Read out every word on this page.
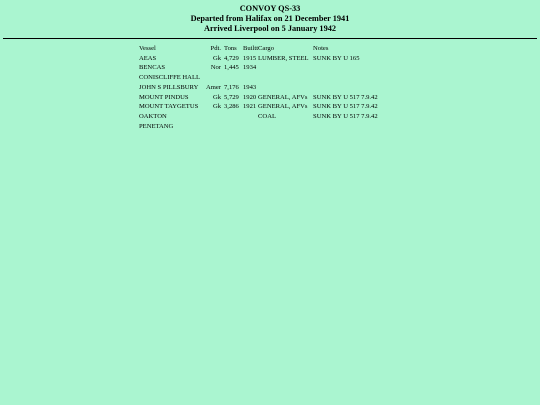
CONVOY QS-33
Departed from Halifax on 21 December 1941
Arrived Liverpool on 5 January 1942
Vessel	Pdt.	Tons	Builtt	Cargo	Notes
AEAS	Gk	4,729	1915	LUMBER, STEEL	SUNK BY U 165
BENCAS	Nor	1,445	1934		
CONISCLIFFE HALL					
JOHN S PILLSBURY	Amer	7,176	1943		
MOUNT PINDUS	Gk	5,729	1920	GENERAL, AFVs	SUNK BY U 517 7.9.42
MOUNT TAYGETUS	Gk	3,286	1921	GENERAL, AFVs	SUNK BY U 517 7.9.42
OAKTON				COAL	SUNK BY U 517 7.9.42
PENETANG					
